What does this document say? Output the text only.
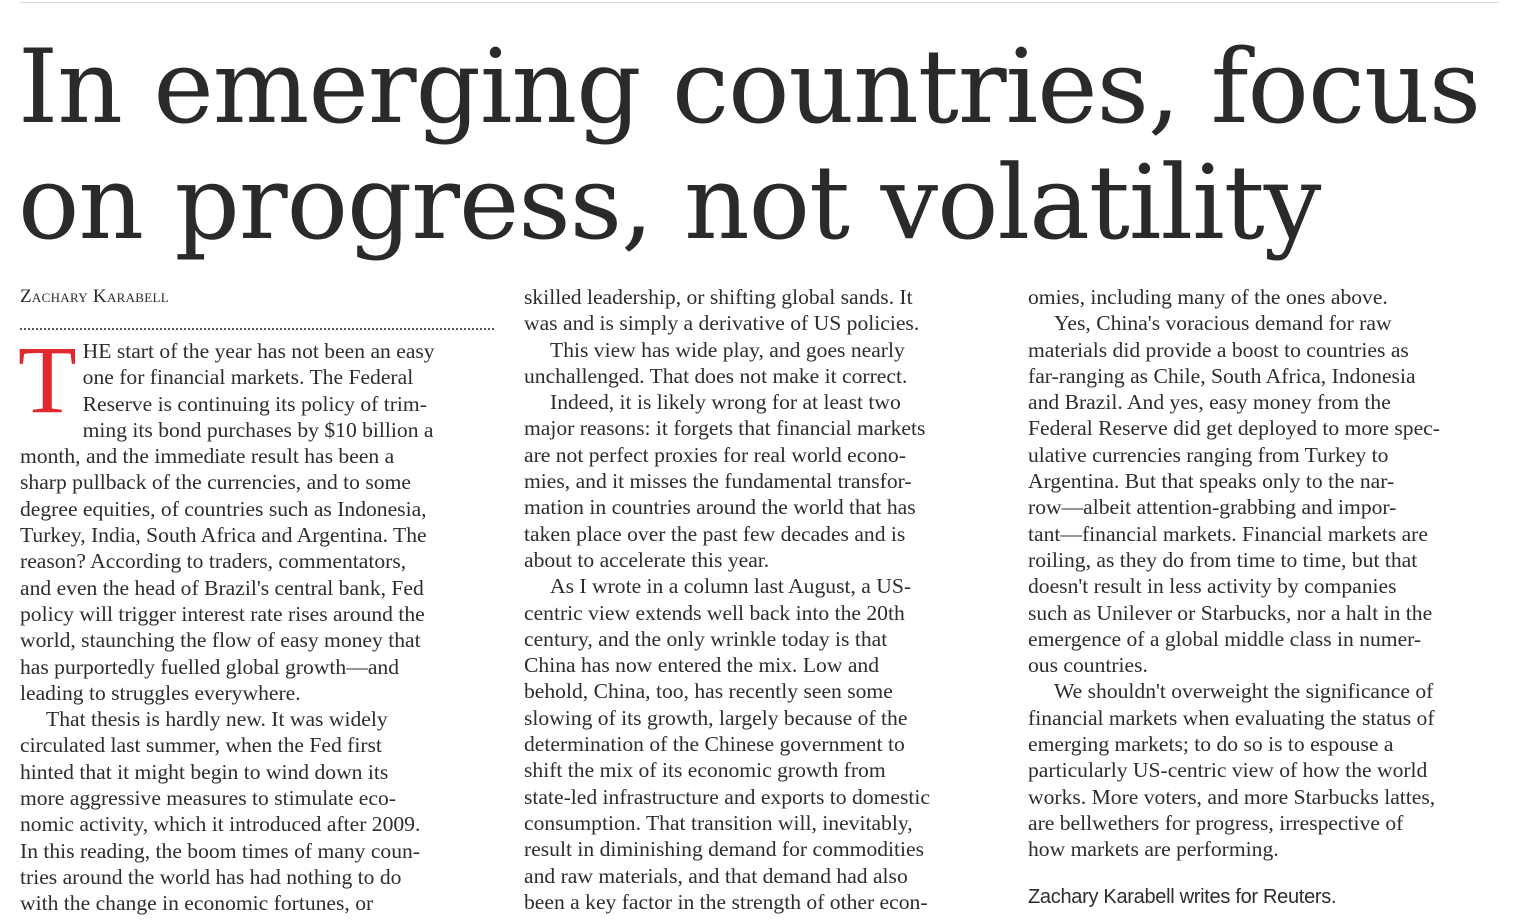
In emerging countries, focus
on progress, not volatility
Zachary Karabell
T HE start of the year has not been an easy
one for financial markets. The Federal
Reserve is continuing its policy of trim-
ming its bond purchases by $10 billion a
month, and the immediate result has been a
sharp pullback of the currencies, and to some
degree equities, of countries such as Indonesia,
Turkey, India, South Africa and Argentina. The
reason? According to traders, commentators,
and even the head of Brazil's central bank, Fed
policy will trigger interest rate rises around the
world, staunching the flow of easy money that
has purportedly fuelled global growth—and
leading to struggles everywhere.

That thesis is hardly new. It was widely
circulated last summer, when the Fed first
hinted that it might begin to wind down its
more aggressive measures to stimulate eco-
nomic activity, which it introduced after 2009.
In this reading, the boom times of many coun-
tries around the world has had nothing to do
with the change in economic fortunes, or

skilled leadership, or shifting global sands. It
was and is simply a derivative of US policies.

This view has wide play, and goes nearly
unchallenged. That does not make it correct.

Indeed, it is likely wrong for at least two
major reasons: it forgets that financial markets
are not perfect proxies for real world econo-
mies, and it misses the fundamental transfor-
mation in countries around the world that has
taken place over the past few decades and is
about to accelerate this year.

As I wrote in a column last August, a US-
centric view extends well back into the 20th
century, and the only wrinkle today is that
China has now entered the mix. Low and
behold, China, too, has recently seen some
slowing of its growth, largely because of the
determination of the Chinese government to
shift the mix of its economic growth from
state-led infrastructure and exports to domestic
consumption. That transition will, inevitably,
result in diminishing demand for commodities
and raw materials, and that demand had also
been a key factor in the strength of other econ-

omies, including many of the ones above.

Yes, China's voracious demand for raw
materials did provide a boost to countries as
far-ranging as Chile, South Africa, Indonesia
and Brazil. And yes, easy money from the
Federal Reserve did get deployed to more spec-
ulative currencies ranging from Turkey to
Argentina. But that speaks only to the nar-
row—albeit attention-grabbing and impor-
tant—financial markets. Financial markets are
roiling, as they do from time to time, but that
doesn't result in less activity by companies
such as Unilever or Starbucks, nor a halt in the
emergence of a global middle class in numer-
ous countries.

We shouldn't overweight the significance of
financial markets when evaluating the status of
emerging markets; to do so is to espouse a
particularly US-centric view of how the world
works. More voters, and more Starbucks lattes,
are bellwethers for progress, irrespective of
how markets are performing.

Zachary Karabell writes for Reuters.
